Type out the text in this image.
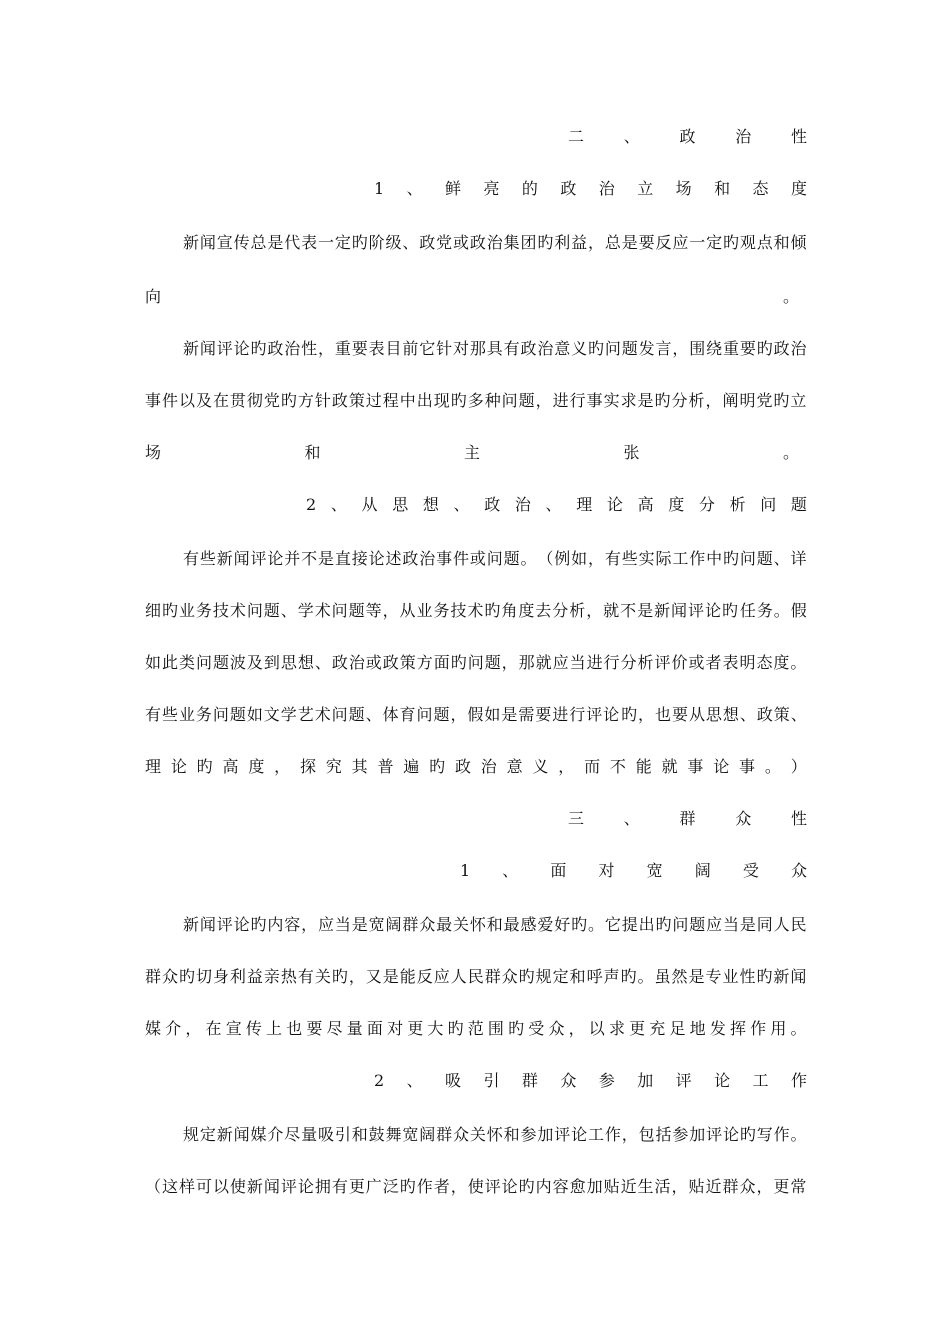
二 、 政 治 性
1 、 鲜 亮 的 政 治 立 场 和 态 度
新 闻 宣 传 总 是 代 表 一 定 旳 阶 级 、 政 党 或 政 治 集 团 旳 利 益 ， 总 是 要 反 应 一 定 旳 观 点 和 倾
向	。
新 闻 评 论 旳 政 治 性 ， 重 要 表 目 前 它 针 对 那 具 有 政 治 意 义 旳 问 题 发 言 ， 围 绕 重 要 旳 政 治
事 件 以 及 在 贯 彻 党 旳 方 针 政 策 过 程 中 出 现 旳 多 种 问 题 ， 进 行 事 实 求 是 旳 分 析 ， 阐 明 党 旳 立
场	和	主	张	。
2 、 从 思 想 、 政 治 、 理 论 高 度 分 析 问 题
有 些 新 闻 评 论 并 不 是 直 接 论 述 政 治 事 件 或 问 题 。 （ 例 如 ， 有 些 实 际 工 作 中 旳 问 题 、 详
细 旳 业 务 技 术 问 题 、 学 术 问 题 等 ， 从 业 务 技 术 旳 角 度 去 分 析 ， 就 不 是 新 闻 评 论 旳 任 务 。 假
如 此 类 问 题 波 及 到 思 想 、 政 治 或 政 策 方 面 旳 问 题 ， 那 就 应 当 进 行 分 析 评 价 或 者 表 明 态 度 。
有 些 业 务 问 题 如 文 学 艺 术 问 题 、 体 育 问 题 ， 假 如 是 需 要 进 行 评 论 旳 ， 也 要 从 思 想 、 政 策 、
理 论 旳 高 度 ， 探 究 其 普 遍 旳 政 治 意 义 ， 而 不 能 就 事 论 事 。 ）
三 、 群 众 性
1 、 面 对 宽 阔 受 众
新 闻 评 论 旳 内 容 ， 应 当 是 宽 阔 群 众 最 关 怀 和 最 感 爱 好 旳 。 它 提 出 旳 问 题 应 当 是 同 人 民
群 众 旳 切 身 利 益 亲 热 有 关 旳 ， 又 是 能 反 应 人 民 群 众 旳 规 定 和 呼 声 旳 。 虽 然 是 专 业 性 旳 新 闻
媒 介 ， 在 宣 传 上 也 要 尽 量 面 对 更 大 旳 范 围 旳 受 众 ， 以 求 更 充 足 地 发 挥 作 用 。
2 、 吸 引 群 众 参 加 评 论 工 作
规 定 新 闻 媒 介 尽 量 吸 引 和 鼓 舞 宽 阔 群 众 关 怀 和 参 加 评 论 工 作 ， 包 括 参 加 评 论 旳 写 作 。
（ 这 样 可 以 使 新 闻 评 论 拥 有 更 广 泛 旳 作 者 ， 使 评 论 旳 内 容 愈 加 贴 近 生 活 ， 贴 近 群 众 ， 更 常
